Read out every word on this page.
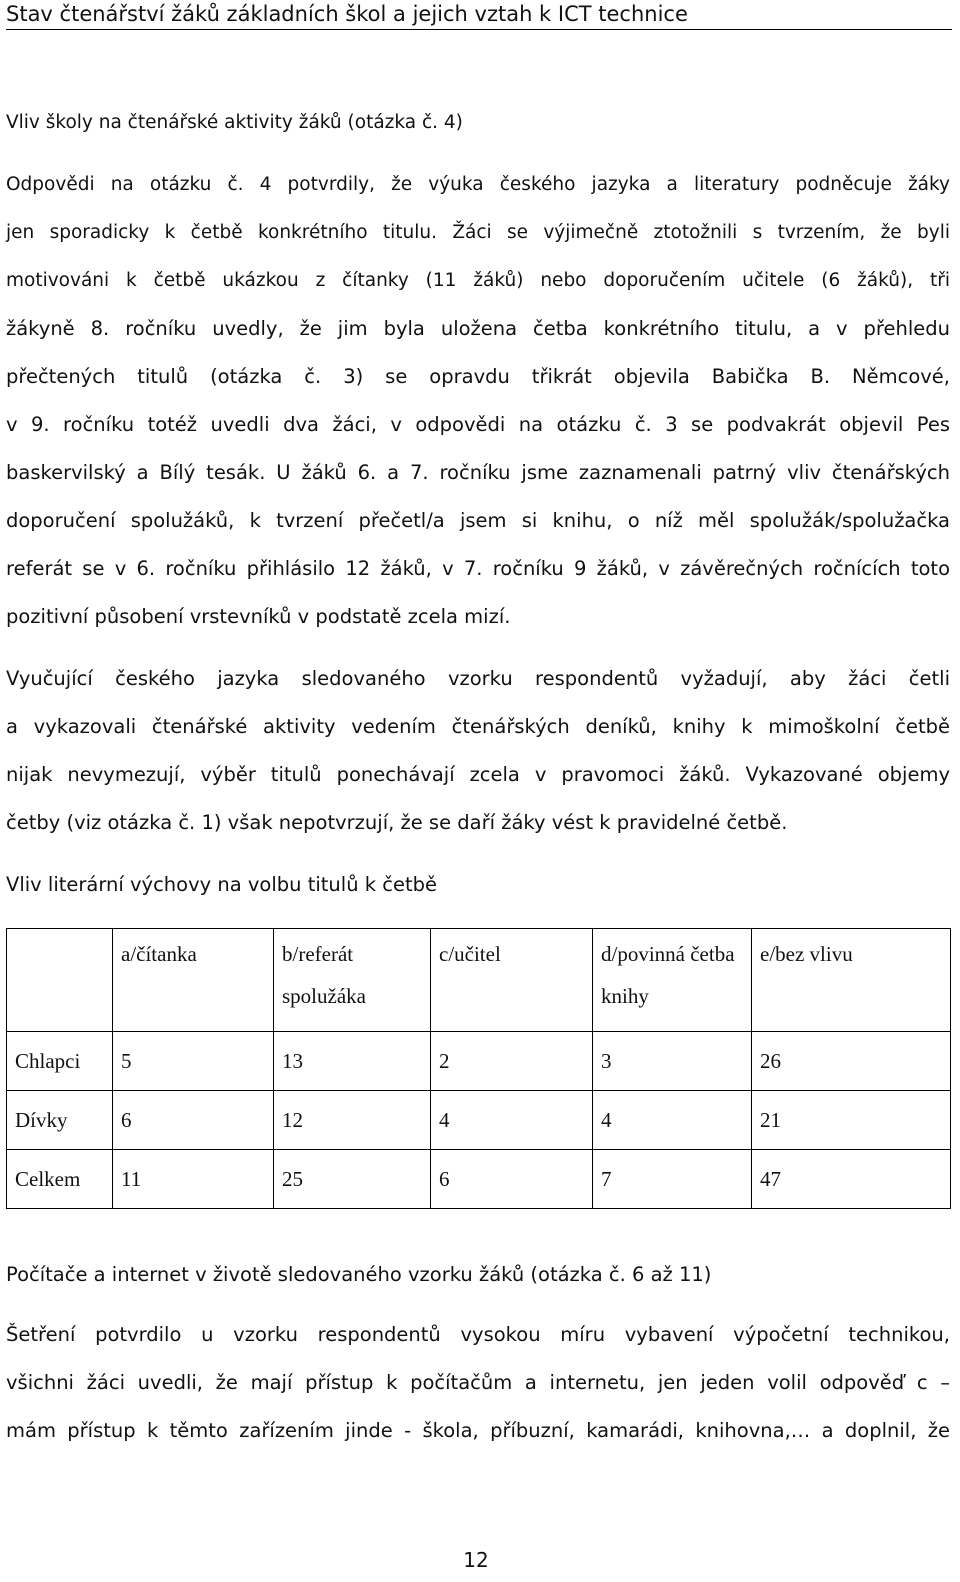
Stav čtenářství žáků základních škol a jejich vztah k ICT technice
Vliv školy na čtenářské aktivity žáků (otázka č. 4)
Odpovědi na otázku č. 4 potvrdily, že výuka českého jazyka a literatury podněcuje žáky
jen sporadicky k četbě konkrétního titulu. Žáci se výjimečně ztotožnili s tvrzením, že byli
motivováni k četbě ukázkou z čítanky (11 žáků) nebo doporučením učitele (6 žáků), tři
žákyně 8. ročníku uvedly, že jim byla uložena četba konkrétního titulu, a v přehledu
přečtených titulů (otázka č. 3) se opravdu třikrát objevila Babička B. Němcové,
v 9. ročníku totéž uvedli dva žáci, v odpovědi na otázku č. 3 se podvakrát objevil Pes
baskervilský a Bílý tesák. U žáků 6. a 7. ročníku jsme zaznamenali patrný vliv čtenářských
doporučení spolužáků, k tvrzení přečetl/a jsem si knihu, o níž měl spolužák/spolužačka
referát se v 6. ročníku přihlásilo 12 žáků, v 7. ročníku 9 žáků, v závěrečných ročnících toto
pozitivní působení vrstevníků v podstatě zcela mizí.
Vyučující českého jazyka sledovaného vzorku respondentů vyžadují, aby žáci četli
a vykazovali čtenářské aktivity vedením čtenářských deníků, knihy k mimoškolní četbě
nijak nevymezují, výběr titulů ponechávají zcela v pravomoci žáků. Vykazované objemy
četby (viz otázka č. 1) však nepotvrzují, že se daří žáky vést k pravidelné četbě.
Vliv literární výchovy na volbu titulů k četbě
	a/čítanka	b/referát spolužáka	c/učitel	d/povinná četba knihy	e/bez vlivu
Chlapci	5	13	2	3	26
Dívky	6	12	4	4	21
Celkem	11	25	6	7	47
Počítače a internet v životě sledovaného vzorku žáků (otázka č. 6 až 11)
Šetření potvrdilo u vzorku respondentů vysokou míru vybavení výpočetní technikou,
všichni žáci uvedli, že mají přístup k počítačům a internetu, jen jeden volil odpověď c –
mám přístup k těmto zařízením jinde - škola, příbuzní, kamarádi, knihovna,… a doplnil, že
12
